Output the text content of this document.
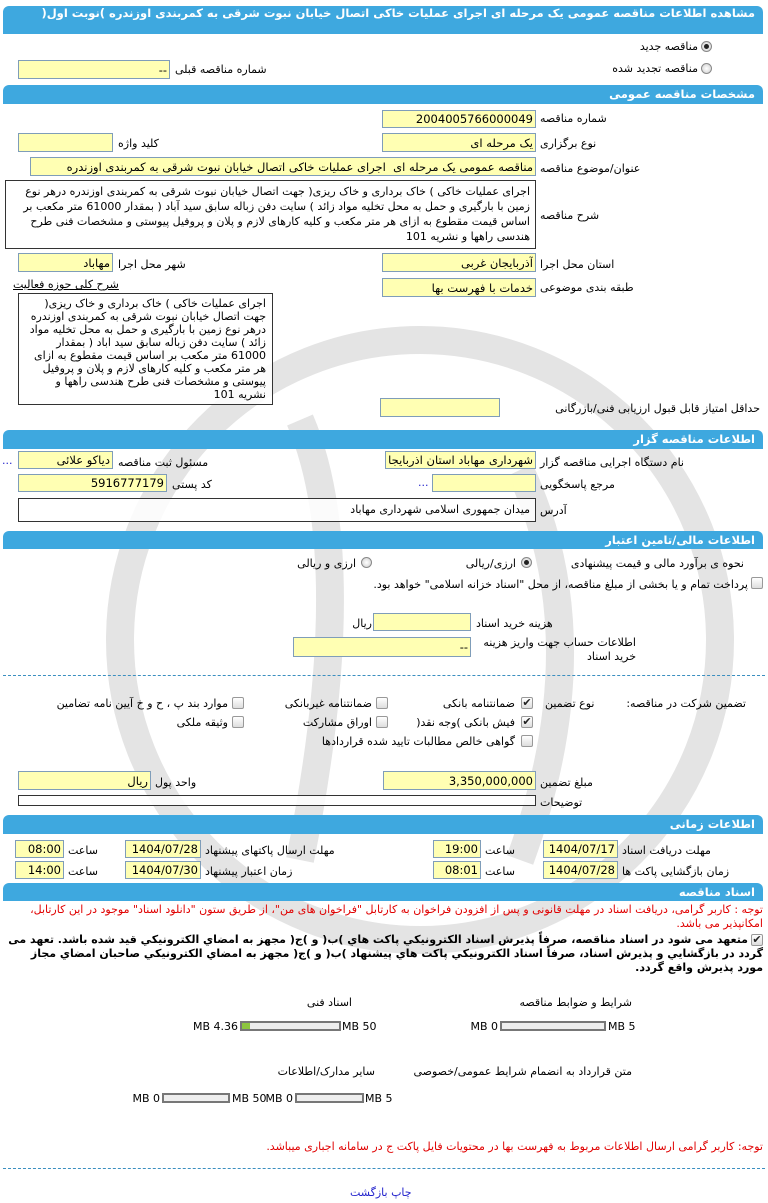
مشاهده اطلاعات مناقصه عمومی یک مرحله ای اجرای عملیات خاکی اتصال خیابان نبوت شرقی به کمربندی اوزندره )نوبت اول(
مناقصه جدید
مناقصه تجدید شده
--
شماره مناقصه قبلی
مشخصات مناقصه عمومی
شماره مناقصه
2004005766000049
نوع برگزاری
یک مرحله ای
کلید واژه
عنوان/موضوع مناقصه
مناقصه عمومی یک مرحله ای اجرای عملیات خاکی اتصال خیابان نبوت شرقی به کمربندی اوزندره
شرح مناقصه
اجرای عملیات خاکی ) خاک برداری و خاک ریزی( جهت اتصال خیابان نبوت شرقی به کمربندی اوزندره درهر نوع زمین با بارگیری و حمل به محل تخلیه مواد زائد ) سایت دفن زباله سابق سید آباد ( بمقدار 61000 متر مکعب بر اساس قیمت مقطوع به ازای هر متر مکعب و کلیه کارهای لازم و پلان و پروفیل پیوستی و مشخصات فنی طرح هندسی راهها و نشریه 101
استان محل اجرا
آذربایجان غربی
شهر محل اجرا
مهاباد
طبقه بندی موضوعی
خدمات با فهرست بها
شرح کلی حوزه فعالیت
اجرای عملیات خاکی ) خاک برداری و خاک ریزی( جهت اتصال خیابان نبوت شرقی به کمربندی اوزندره درهر نوع زمین با بارگیری و حمل به محل تخلیه مواد زائد ) سایت دفن زباله سابق سید اباد ( بمقدار 61000 متر مکعب بر اساس قیمت مقطوع به ازای هر متر مکعب و کلیه کارهای لازم و پلان و پروفیل پیوستی و مشخصات فنی طرح هندسی راهها و نشریه 101
حداقل امتیاز قابل قبول ارزیابی فنی/بازرگانی
اطلاعات مناقصه گزار
نام دستگاه اجرایی مناقصه گزار
شهرداری مهاباد استان اذربایجان غربی
مسئول ثبت مناقصه
دیاکو علائی
...
مرجع پاسخگویی
...
کد پستی
5916777179
آدرس
میدان جمهوری اسلامی شهرداری مهاباد
اطلاعات مالی/تامین اعتبار
نحوه ی برآورد مالی و قیمت پیشنهادی
ارزی/ریالی
ارزی و ریالی
پرداخت تمام و یا بخشی از مبلغ مناقصه، از محل "اسناد خزانه اسلامی" خواهد بود.
هزینه خرید اسناد
ریال
اطلاعات حساب جهت واریز هزینه خرید اسناد
--
تضمین شرکت در مناقصه:
نوع تضمین
✔
ضمانتنامه بانکی
ضمانتنامه غیربانکی
موارد بند پ ، ح و خ آیین نامه تضامین
✔
فیش بانکی )وجه نقد(
اوراق مشارکت
وثیقه ملکی
گواهی خالص مطالبات تایید شده قراردادها
مبلغ تضمین
3,350,000,000
واحد پول
ریال
توضیحات
اطلاعات زمانی
مهلت دریافت اسناد
1404/07/17
ساعت
19:00
مهلت ارسال پاکتهای پیشنهاد
1404/07/28
ساعت
08:00
زمان بازگشایی پاکت ها
1404/07/28
ساعت
08:01
زمان اعتبار پیشنهاد
1404/07/30
ساعت
14:00
اسناد مناقصه
توجه : کاربر گرامی، دریافت اسناد در مهلت قانونی و پس از افزودن فراخوان به کارتابل "فراخوان های من"، از طریق ستون "دانلود اسناد" موجود در این کارتابل، امکانپذیر می باشد.
✔متعهد می شود در اسناد مناقصه، صرفاً پذيرش اسناد الکترونيکي پاکت هاي )ب( و )ج( مجهز به امضاي الکترونيکي قيد شده باشد. تعهد می گردد در بازگشايي و پذيرش اسناد، صرفاً اسناد الکترونيکي پاکت هاي پيشنهاد )ب( و )ج( مجهز به امضاي الکترونيکي صاحبان امضاي مجاز مورد پذيرش واقع گردد.
شرایط و ضوابط مناقصه
اسناد فنی
5 MB
0 MB
50 MB
4.36 MB
متن قرارداد به انضمام شرایط عمومی/خصوصی
سایر مدارک/اطلاعات
5 MB
0 MB
50 MB
0 MB
توجه: کاربر گرامی ارسال اطلاعات مربوط به فهرست بها در محتویات فایل پاکت ج در سامانه اجباری میباشد.
چاپ بازگشت
